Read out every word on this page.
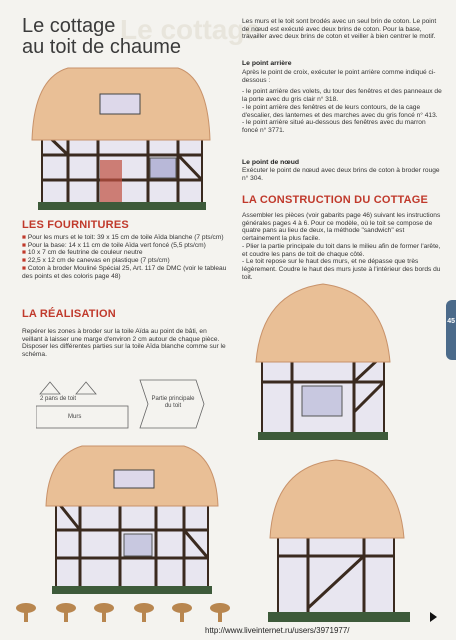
Le cottage
Le cottage
au toit de chaume
LES FOURNITURES
■ Pour les murs et le toit: 39 x 15 cm de toile Aïda blanche (7 pts/cm)
■ Pour la base: 14 x 11 cm de toile Aïda vert foncé (5,5 pts/cm)
■ 10 x 7 cm de feutrine de couleur neutre
■ 22,5 x 12 cm de canevas en plastique (7 pts/cm)
■ Coton à broder Mouliné Spécial 25, Art. 117 de DMC (voir le tableau des points et des coloris page 48)
LA RÉALISATION
Repérer les zones à broder sur la toile Aïda au point de bâti, en veillant à laisser une marge d'environ 2 cm autour de chaque pièce. Disposer les différentes parties sur la toile Aïda blanche comme sur le schéma.
2 pans de toit
Murs
Partie principale du toit
Les murs et le toit sont brodés avec un seul brin de coton. Le point de nœud est exécuté avec deux brins de coton. Pour la base, travailler avec deux brins de coton et veiller à bien centrer le motif.
Le point arrière
Après le point de croix, exécuter le point arrière comme indiqué ci-dessous :
- le point arrière des volets, du tour des fenêtres et des panneaux de la porte avec du gris clair n° 318.
- le point arrière des fenêtres et de leurs contours, de la cage d'escalier, des lanternes et des marches avec du gris foncé n° 413.
- le point arrière situé au-dessous des fenêtres avec du marron foncé n° 3771.
Le point de nœud
Exécuter le point de nœud avec deux brins de coton à broder rouge n° 304.
LA CONSTRUCTION DU COTTAGE
Assembler les pièces (voir gabarits page 46) suivant les instructions générales pages 4 à 6. Pour ce modèle, où le toit se compose de quatre pans au lieu de deux, la méthode "sandwich" est certainement la plus facile.
- Plier la partie principale du toit dans le milieu afin de former l'arête, et coudre les pans de toit de chaque côté.
- Le toit repose sur le haut des murs, et ne dépasse que très légèrement. Coudre le haut des murs juste à l'intérieur des bords du toit.
45
http://www.liveinternet.ru/users/3971977/
